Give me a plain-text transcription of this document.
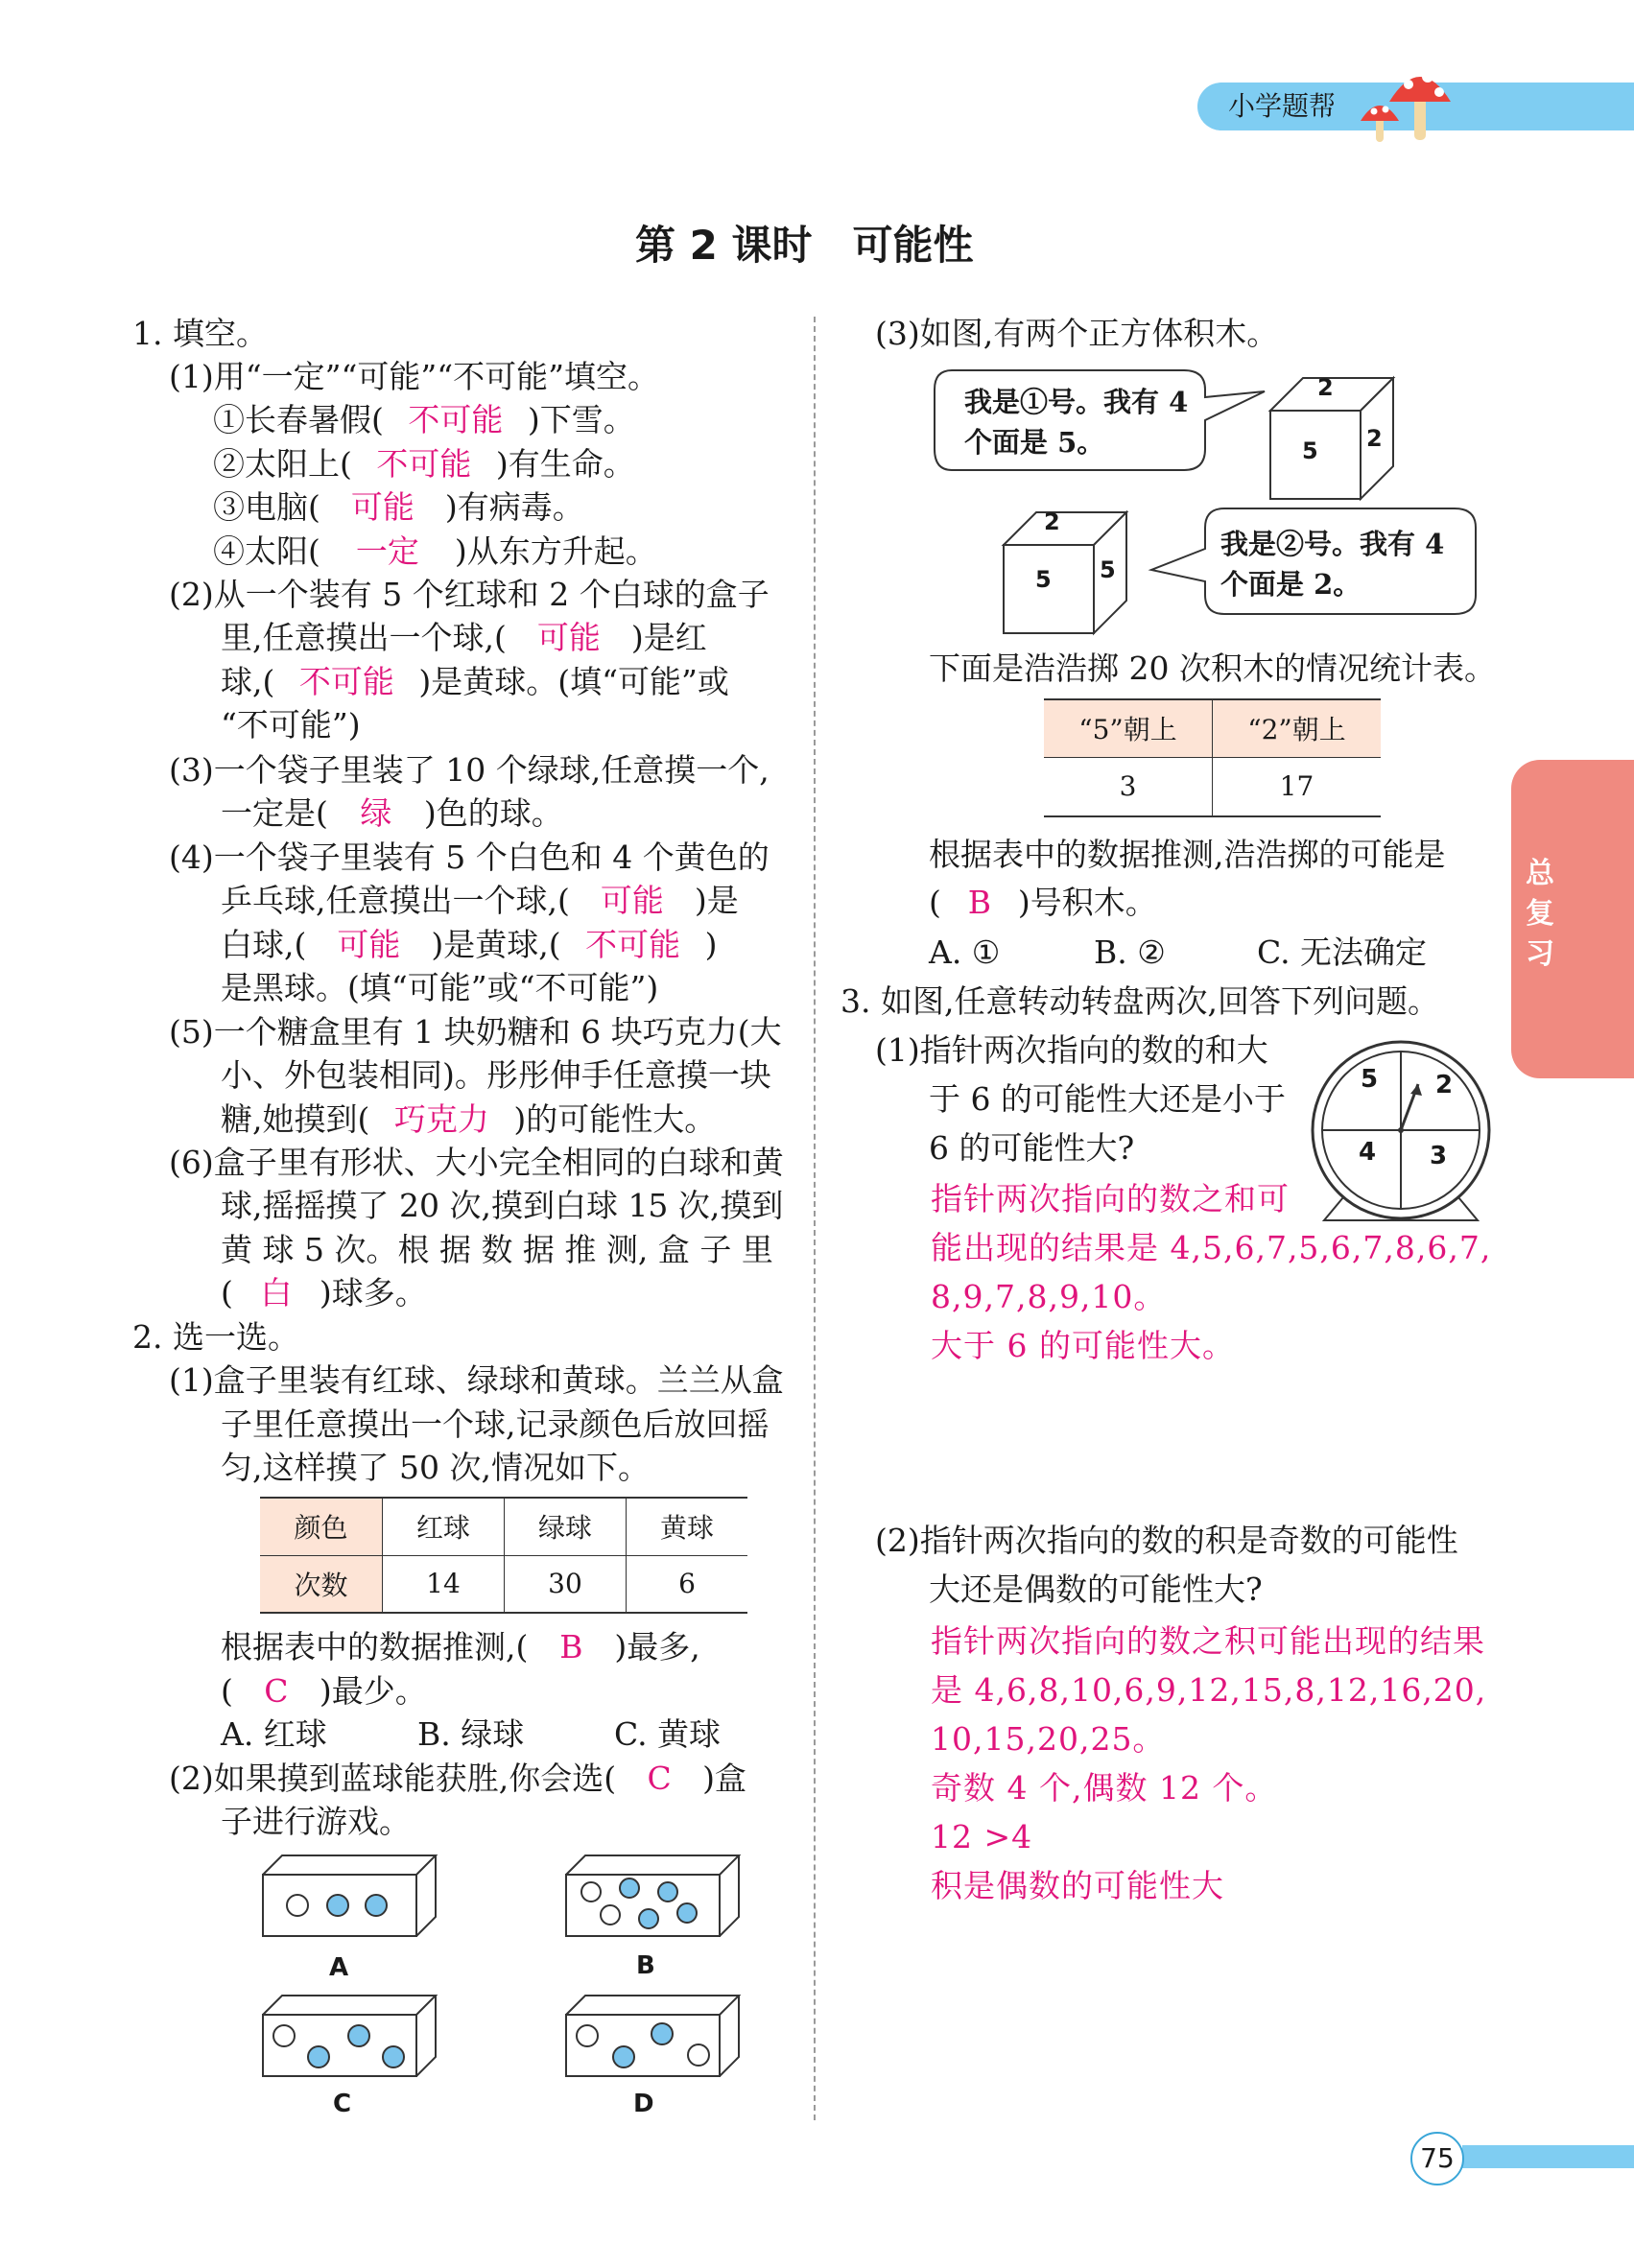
小学题帮
总复习
第 2 课时　可能性
1. 填空。
(1)用“一定”“可能”“不可能”填空。
①长春暑假( 不可能 )下雪。
②太阳上( 不可能 )有生命。
③电脑( 可能 )有病毒。
④太阳( 一定 )从东方升起。
(2)从一个装有 5 个红球和 2 个白球的盒子
里,任意摸出一个球,( 可能 )是红
球,( 不可能 )是黄球。(填“可能”或
“不可能”)
(3)一个袋子里装了 10 个绿球,任意摸一个,
一定是( 绿 )色的球。
(4)一个袋子里装有 5 个白色和 4 个黄色的
乒乓球,任意摸出一个球,( 可能 )是
白球,( 可能 )是黄球,( 不可能 )
是黑球。(填“可能”或“不可能”)
(5)一个糖盒里有 1 块奶糖和 6 块巧克力(大
小、外包装相同)。彤彤伸手任意摸一块
糖,她摸到( 巧克力 )的可能性大。
(6)盒子里有形状、大小完全相同的白球和黄
球,摇摇摸了 20 次,摸到白球 15 次,摸到
黄 球 5 次。根 据 数 据 推 测, 盒 子 里
( 白 )球多。
2. 选一选。
(1)盒子里装有红球、绿球和黄球。兰兰从盒
子里任意摸出一个球,记录颜色后放回摇
匀,这样摸了 50 次,情况如下。
颜色	红球	绿球	黄球
次数	14	30	6
根据表中的数据推测,( B )最多,
( C )最少。
A. 红球	B. 绿球	C. 黄球
(2)如果摸到蓝球能获胜,你会选( C )盒
子进行游戏。
A	B
C	D
(3)如图,有两个正方体积木。
我是①号。我有 4
个面是 5。
2
5 2
2
5 5
我是②号。我有 4
个面是 2。
下面是浩浩掷 20 次积木的情况统计表。
“5”朝上	“2”朝上
3	17
根据表中的数据推测,浩浩掷的可能是
( B )号积木。
A. ①	B. ②	C. 无法确定
3. 如图,任意转动转盘两次,回答下列问题。
(1)指针两次指向的数的和大
于 6 的可能性大还是小于
6 的可能性大?
5 2
4 3
指针两次指向的数之和可
能出现的结果是 4,5,6,7,5,6,7,8,6,7,
8,9,7,8,9,10。
大于 6 的可能性大。
(2)指针两次指向的数的积是奇数的可能性
大还是偶数的可能性大?
指针两次指向的数之积可能出现的结果
是 4,6,8,10,6,9,12,15,8,12,16,20,
10,15,20,25。
奇数 4 个,偶数 12 个。
12 >4
积是偶数的可能性大
75
